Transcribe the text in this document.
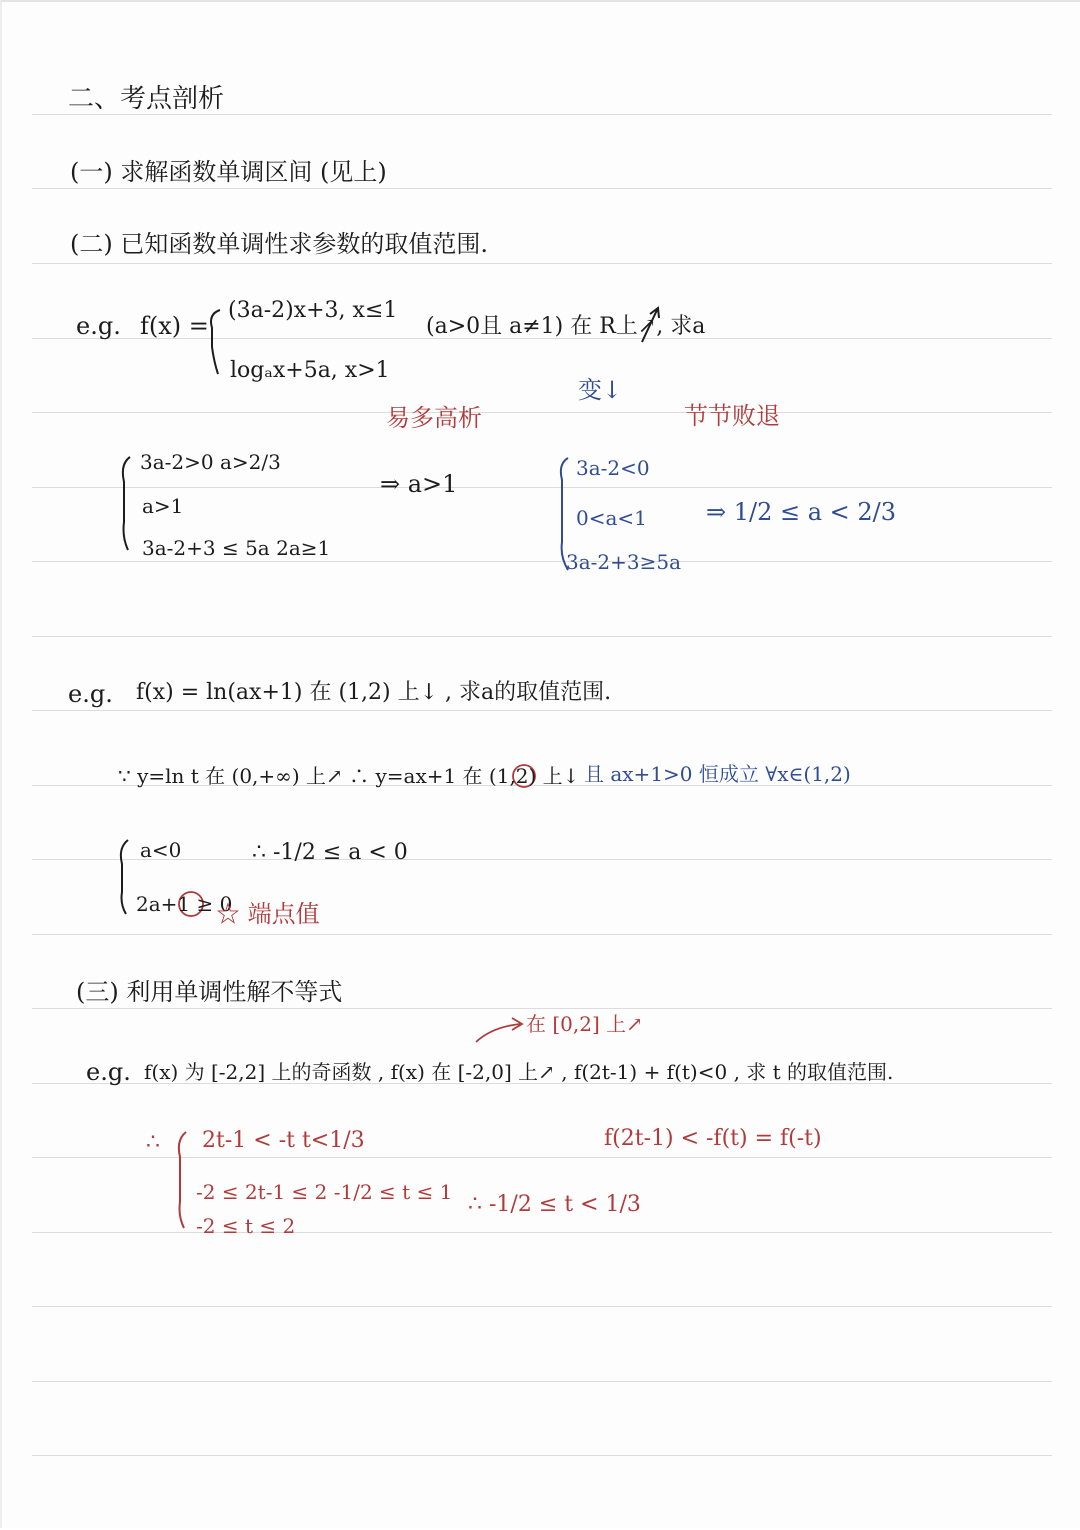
二、考点剖析
(一) 求解函数单调区间 (见上)
(二) 已知函数单调性求参数的取值范围.
e.g. f(x) =
(3a-2)x+3, x≤1
logₐx+5a, x>1
(a>0且 a≠1) 在 R上↗, 求a
易多高析
变↓
节节败退
3a-2>0 a>2/3
a>1
3a-2+3 ≤ 5a 2a≥1
⇒ a>1
3a-2<0
0<a<1
3a-2+3≥5a
⇒ 1/2 ≤ a < 2/3
e.g. f(x) = ln(ax+1) 在 (1,2) 上↓ , 求a的取值范围.
∵ y=ln t 在 (0,+∞) 上↗ ∴ y=ax+1 在 (1,2) 上↓ 且 ax+1>0 恒成立 ∀x∈(1,2)
a<0
2a+1 ≥ 0
∴ -1/2 ≤ a < 0
☆ 端点值
(三) 利用单调性解不等式
在 [0,2] 上↗
e.g. f(x) 为 [-2,2] 上的奇函数 , f(x) 在 [-2,0] 上↗ , f(2t-1) + f(t)<0 , 求 t 的取值范围.
∴ 2t-1 < -t t<1/3
-2 ≤ 2t-1 ≤ 2 -1/2 ≤ t ≤ 1
-2 ≤ t ≤ 2
f(2t-1) < -f(t) = f(-t)
∴ -1/2 ≤ t < 1/3
